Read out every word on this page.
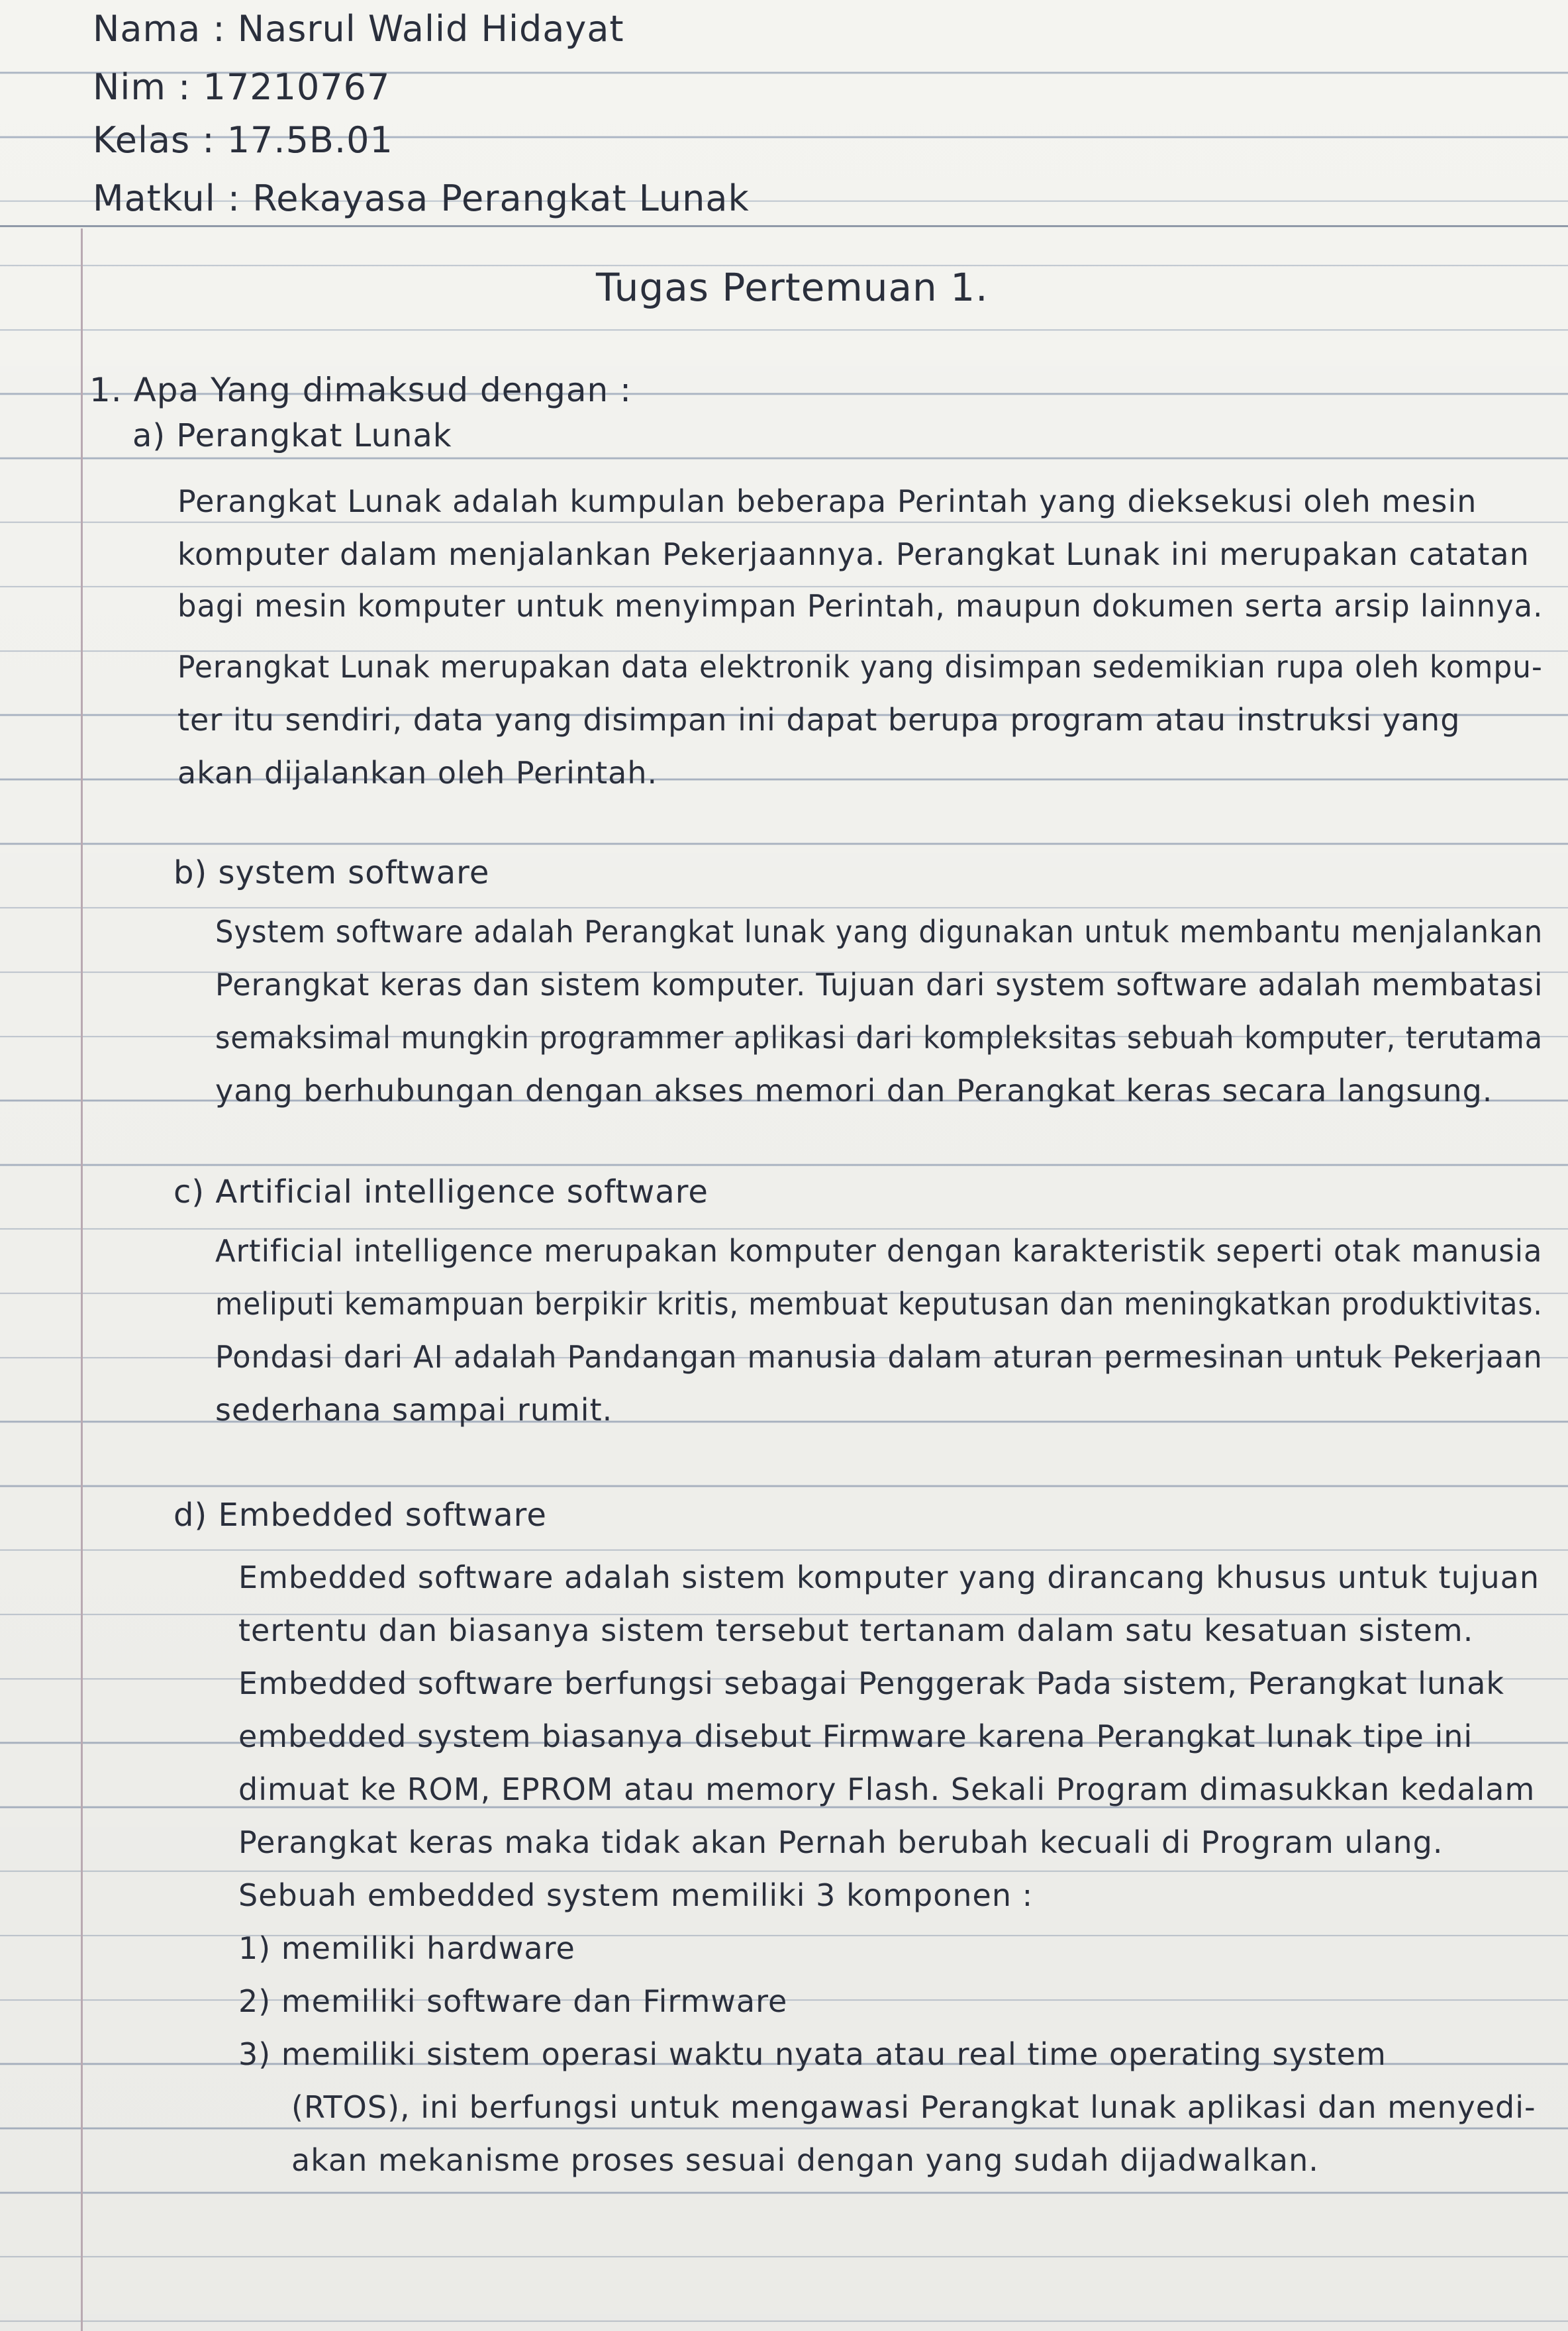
Nama : Nasrul Walid Hidayat
Nim : 17210767
Kelas : 17.5B.01
Matkul : Rekayasa Perangkat Lunak
Tugas Pertemuan 1.
1. Apa Yang dimaksud dengan :
a) Perangkat Lunak
Perangkat Lunak adalah kumpulan beberapa Perintah yang dieksekusi oleh mesin
komputer dalam menjalankan Pekerjaannya. Perangkat Lunak ini merupakan catatan
bagi mesin komputer untuk menyimpan Perintah, maupun dokumen serta arsip lainnya.
Perangkat Lunak merupakan data elektronik yang disimpan sedemikian rupa oleh kompu-
ter itu sendiri, data yang disimpan ini dapat berupa program atau instruksi yang
akan dijalankan oleh Perintah.
b) system software
System software adalah Perangkat lunak yang digunakan untuk membantu menjalankan
Perangkat keras dan sistem komputer. Tujuan dari system software adalah membatasi
semaksimal mungkin programmer aplikasi dari kompleksitas sebuah komputer, terutama
yang berhubungan dengan akses memori dan Perangkat keras secara langsung.
c) Artificial intelligence software
Artificial intelligence merupakan komputer dengan karakteristik seperti otak manusia
meliputi kemampuan berpikir kritis, membuat keputusan dan meningkatkan produktivitas.
Pondasi dari AI adalah Pandangan manusia dalam aturan permesinan untuk Pekerjaan
sederhana sampai rumit.
d) Embedded software
Embedded software adalah sistem komputer yang dirancang khusus untuk tujuan
tertentu dan biasanya sistem tersebut tertanam dalam satu kesatuan sistem.
Embedded software berfungsi sebagai Penggerak Pada sistem, Perangkat lunak
embedded system biasanya disebut Firmware karena Perangkat lunak tipe ini
dimuat ke ROM, EPROM atau memory Flash. Sekali Program dimasukkan kedalam
Perangkat keras maka tidak akan Pernah berubah kecuali di Program ulang.
Sebuah embedded system memiliki 3 komponen :
1) memiliki hardware
2) memiliki software dan Firmware
3) memiliki sistem operasi waktu nyata atau real time operating system
(RTOS), ini berfungsi untuk mengawasi Perangkat lunak aplikasi dan menyedi-
akan mekanisme proses sesuai dengan yang sudah dijadwalkan.
